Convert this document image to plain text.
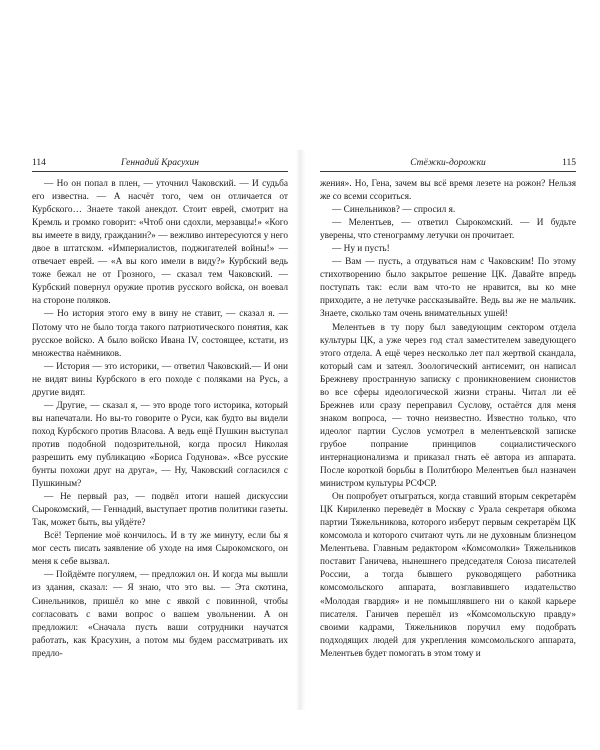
114	Геннадий Красухин

— Но он попал в плен, — уточнил Чаковский. — И судьба его известна. — А насчёт того, чем он отличается от Курбского… Знаете такой анекдот. Стоит еврей, смотрит на Кремль и громко говорит: «Чтоб они сдохли, мерзавцы!» «Кого вы имеете в виду, гражданин?» — вежливо интересуются у него двое в штатском. «Империалистов, поджигателей войны!» — отвечает еврей. — «А вы кого имели в виду?» Курбский ведь тоже бежал не от Грозного, — сказал тем Чаковский. — Курбский повернул оружие против русского войска, он воевал на стороне поляков.

— Но история этого ему в вину не ставит, — сказал я. — Потому что не было тогда такого патриотического понятия, как русское войско. А было войско Ивана IV, состоящее, кстати, из множества наёмников.

— История — это историки, — ответил Чаковский.— И они не видят вины Курбского в его походе с поляками на Русь, а другие видят.

— Другие, — сказал я, — это вроде того историка, который вы напечатали. Но вы-то говорите о Руси, как будто вы видели поход Курбского против Власова. А ведь ещё Пушкин выступал против подобной подозрительной, когда просил Николая разрешить ему публикацию «Бориса Годунова». «Все русские бунты похожи друг на друга», — Ну, Чаковский согласился с Пушкиным?

— Не первый раз, — подвёл итоги нашей дискуссии Сырокомский, — Геннадий, выступает против политики газеты. Так, может быть, вы уйдёте?

Всё! Терпение моё кончилось. И в ту же минуту, если бы я мог сесть писать заявление об уходе на имя Сырокомского, он меня к себе вызвал.

— Пойдёмте погуляем, — предложил он. И когда мы вышли из здания, сказал: — Я знаю, что это вы. — Эта скотина, Синельников, пришёл ко мне с явкой с повинной, чтобы согласовать с вами вопрос о вашем увольнении. А он предложил: «Сначала пусть ваши сотрудники научатся работать, как Красухин, а потом мы будем рассматривать их предло-

Стёжки-дорожки	115

жения». Но, Гена, зачем вы всё время лезете на рожон? Нельзя же со всеми ссориться.

— Синельников? — спросил я.

— Мелентьев, — ответил Сырокомский. — И будьте уверены, что стенограмму летучки он прочитает.

— Ну и пусть!

— Вам — пусть, а отдуваться нам с Чаковским! По этому стихотворению было закрытое решение ЦК. Давайте впредь поступать так: если вам что-то не нравится, вы ко мне приходите, а не летучке рассказывайте. Ведь вы же не мальчик. Знаете, сколько там очень внимательных ушей!

Мелентьев в ту пору был заведующим сектором отдела культуры ЦК, а уже через год стал заместителем заведующего этого отдела. А ещё через несколько лет пал жертвой скандала, который сам и затеял. Зоологический антисемит, он написал Брежневу пространную записку с проникновением сионистов во все сферы идеологической жизни страны. Читал ли её Брежнев или сразу переправил Суслову, остаётся для меня знаком вопроса, — точно неизвестно. Известно только, что идеолог партии Суслов усмотрел в мелентьевской записке грубое попрание принципов социалистического интернационализма и приказал гнать её автора из аппарата. После короткой борьбы в Политбюро Мелентьев был назначен министром культуры РСФСР.

Он попробует отыграться, когда ставший вторым секретарём ЦК Кириленко переведёт в Москву с Урала секретаря обкома партии Тяжельникова, которого изберут первым секретарём ЦК комсомола и которого считают чуть ли не духовным близнецом Мелентьева. Главным редактором «Комсомолки» Тяжельников поставит Ганичева, нынешнего председателя Союза писателей России, а тогда бывшего руководящего работника комсомольского аппарата, возглавившего издательство «Молодая гвардия» и не помышлявшего ни о какой карьере писателя. Ганичев перешёл из «Комсомольскую правду» своими кадрами, Тяжельников поручил ему подобрать подходящих людей для укрепления комсомольского аппарата, Мелентьев будет помогать в этом тому и
